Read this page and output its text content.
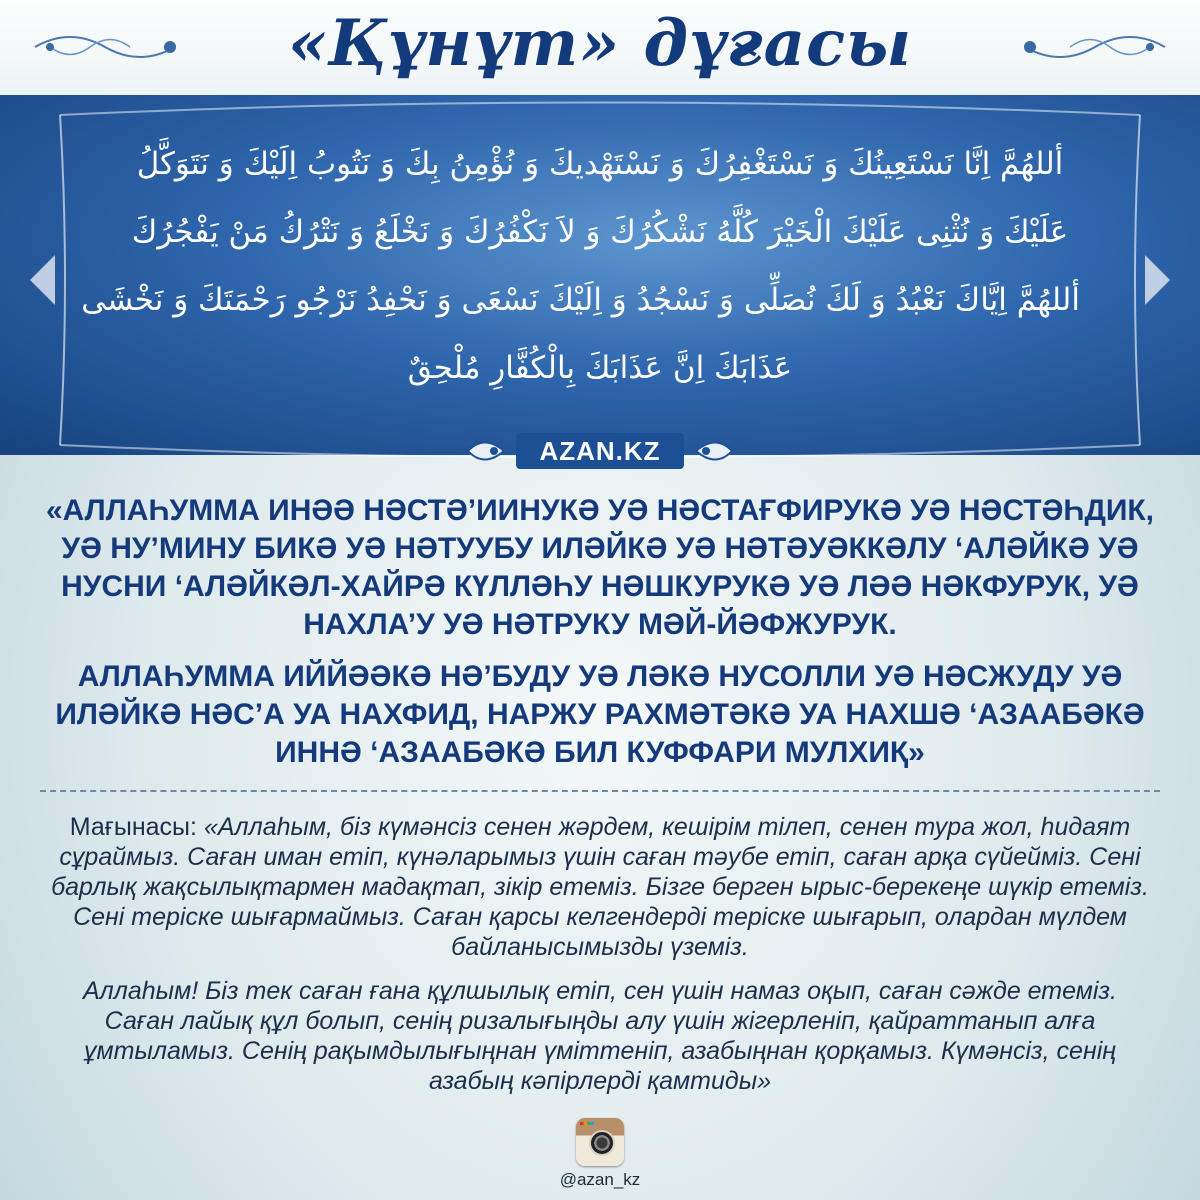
«Құнұт» дұғасы
أللهُمَّ اِنَّا نَسْتَعِينُكَ وَ نَسْتَغْفِرُكَ وَ نَسْتَهْديكَ وَ نُؤْمِنُ بِكَ وَ نَتُوبُ اِلَيْكَ وَ نَتَوَكَّلُ
عَلَيْكَ وَ نُثْنِى عَلَيْكَ الْخَيْرَ كُلَّهُ نَشْكُرُكَ وَ لاَ نَكْفُرُكَ وَ نَخْلَعُ وَ نَتْرُكُ مَنْ يَفْجُرُكَ
أللهُمَّ اِيَّاكَ نَعْبُدُ وَ لَكَ نُصَلِّى وَ نَسْجُدُ وَ اِلَيْكَ نَسْعَى وَ نَحْفِدُ نَرْجُو رَحْمَتَكَ وَ نَخْشَى
عَذَابَكَ اِنَّ عَذَابَكَ بِالْكُفَّارِ مُلْحِقٌ
AZAN.KZ

«АЛЛАҺУММА ИНӘӘ НӘСТӘ’ИИНУКӘ УӘ НӘСТАҒФИРУКӘ УӘ НӘСТӘҺДИК, УӘ НУ’МИНУ БИКӘ УӘ НӘТУУБУ ИЛӘЙКӘ УӘ НӘТӘУӘККӘЛУ ‘АЛӘЙКӘ УӘ НУСНИ ‘АЛӘЙКӘЛ-ХАЙРӘ КҮЛЛӘҺУ НӘШКУРУКӘ УӘ ЛӘӘ НӘКФУРУК, УӘ НАХЛА’У УӘ НӘТРУКУ МӘЙ-ЙӘФЖУРУК.

АЛЛАҺУММА ИЙЙӘӘКӘ НӘ’БУДУ УӘ ЛӘКӘ НУСОЛЛИ УӘ НӘСЖУДУ УӘ ИЛӘЙКӘ НӘС’А УА НАХФИД, НАРЖУ РАХМӘТӘКӘ УА НАХШӘ ‘АЗААБӘКӘ ИННӘ ‘АЗААБӘКӘ БИЛ КУФФАРИ МУЛХИҚ»

Мағынасы: «Аллаһым, біз күмәнсіз сенен жәрдем, кешірім тілеп, сенен тура жол, һидаят сұраймыз. Саған иман етіп, күнәларымыз үшін саған тәубе етіп, саған арқа сүйейміз. Сені барлық жақсылықтармен мадақтап, зікір етеміз. Бізге берген ырыс-берекеңе шүкір етеміз. Сені теріске шығармаймыз. Саған қарсы келгендерді теріске шығарып, олардан мүлдем байланысымызды үземіз.

Аллаһым! Біз тек саған ғана құлшылық етіп, сен үшін намаз оқып, саған сәжде етеміз. Саған лайық құл болып, сенің ризалығыңды алу үшін жігерленіп, қайраттанып алға ұмтыламыз. Сенің рақымдылығыңнан үміттеніп, азабыңнан қорқамыз. Күмәнсіз, сенің азабың кәпірлерді қамтиды»

@azan_kz
